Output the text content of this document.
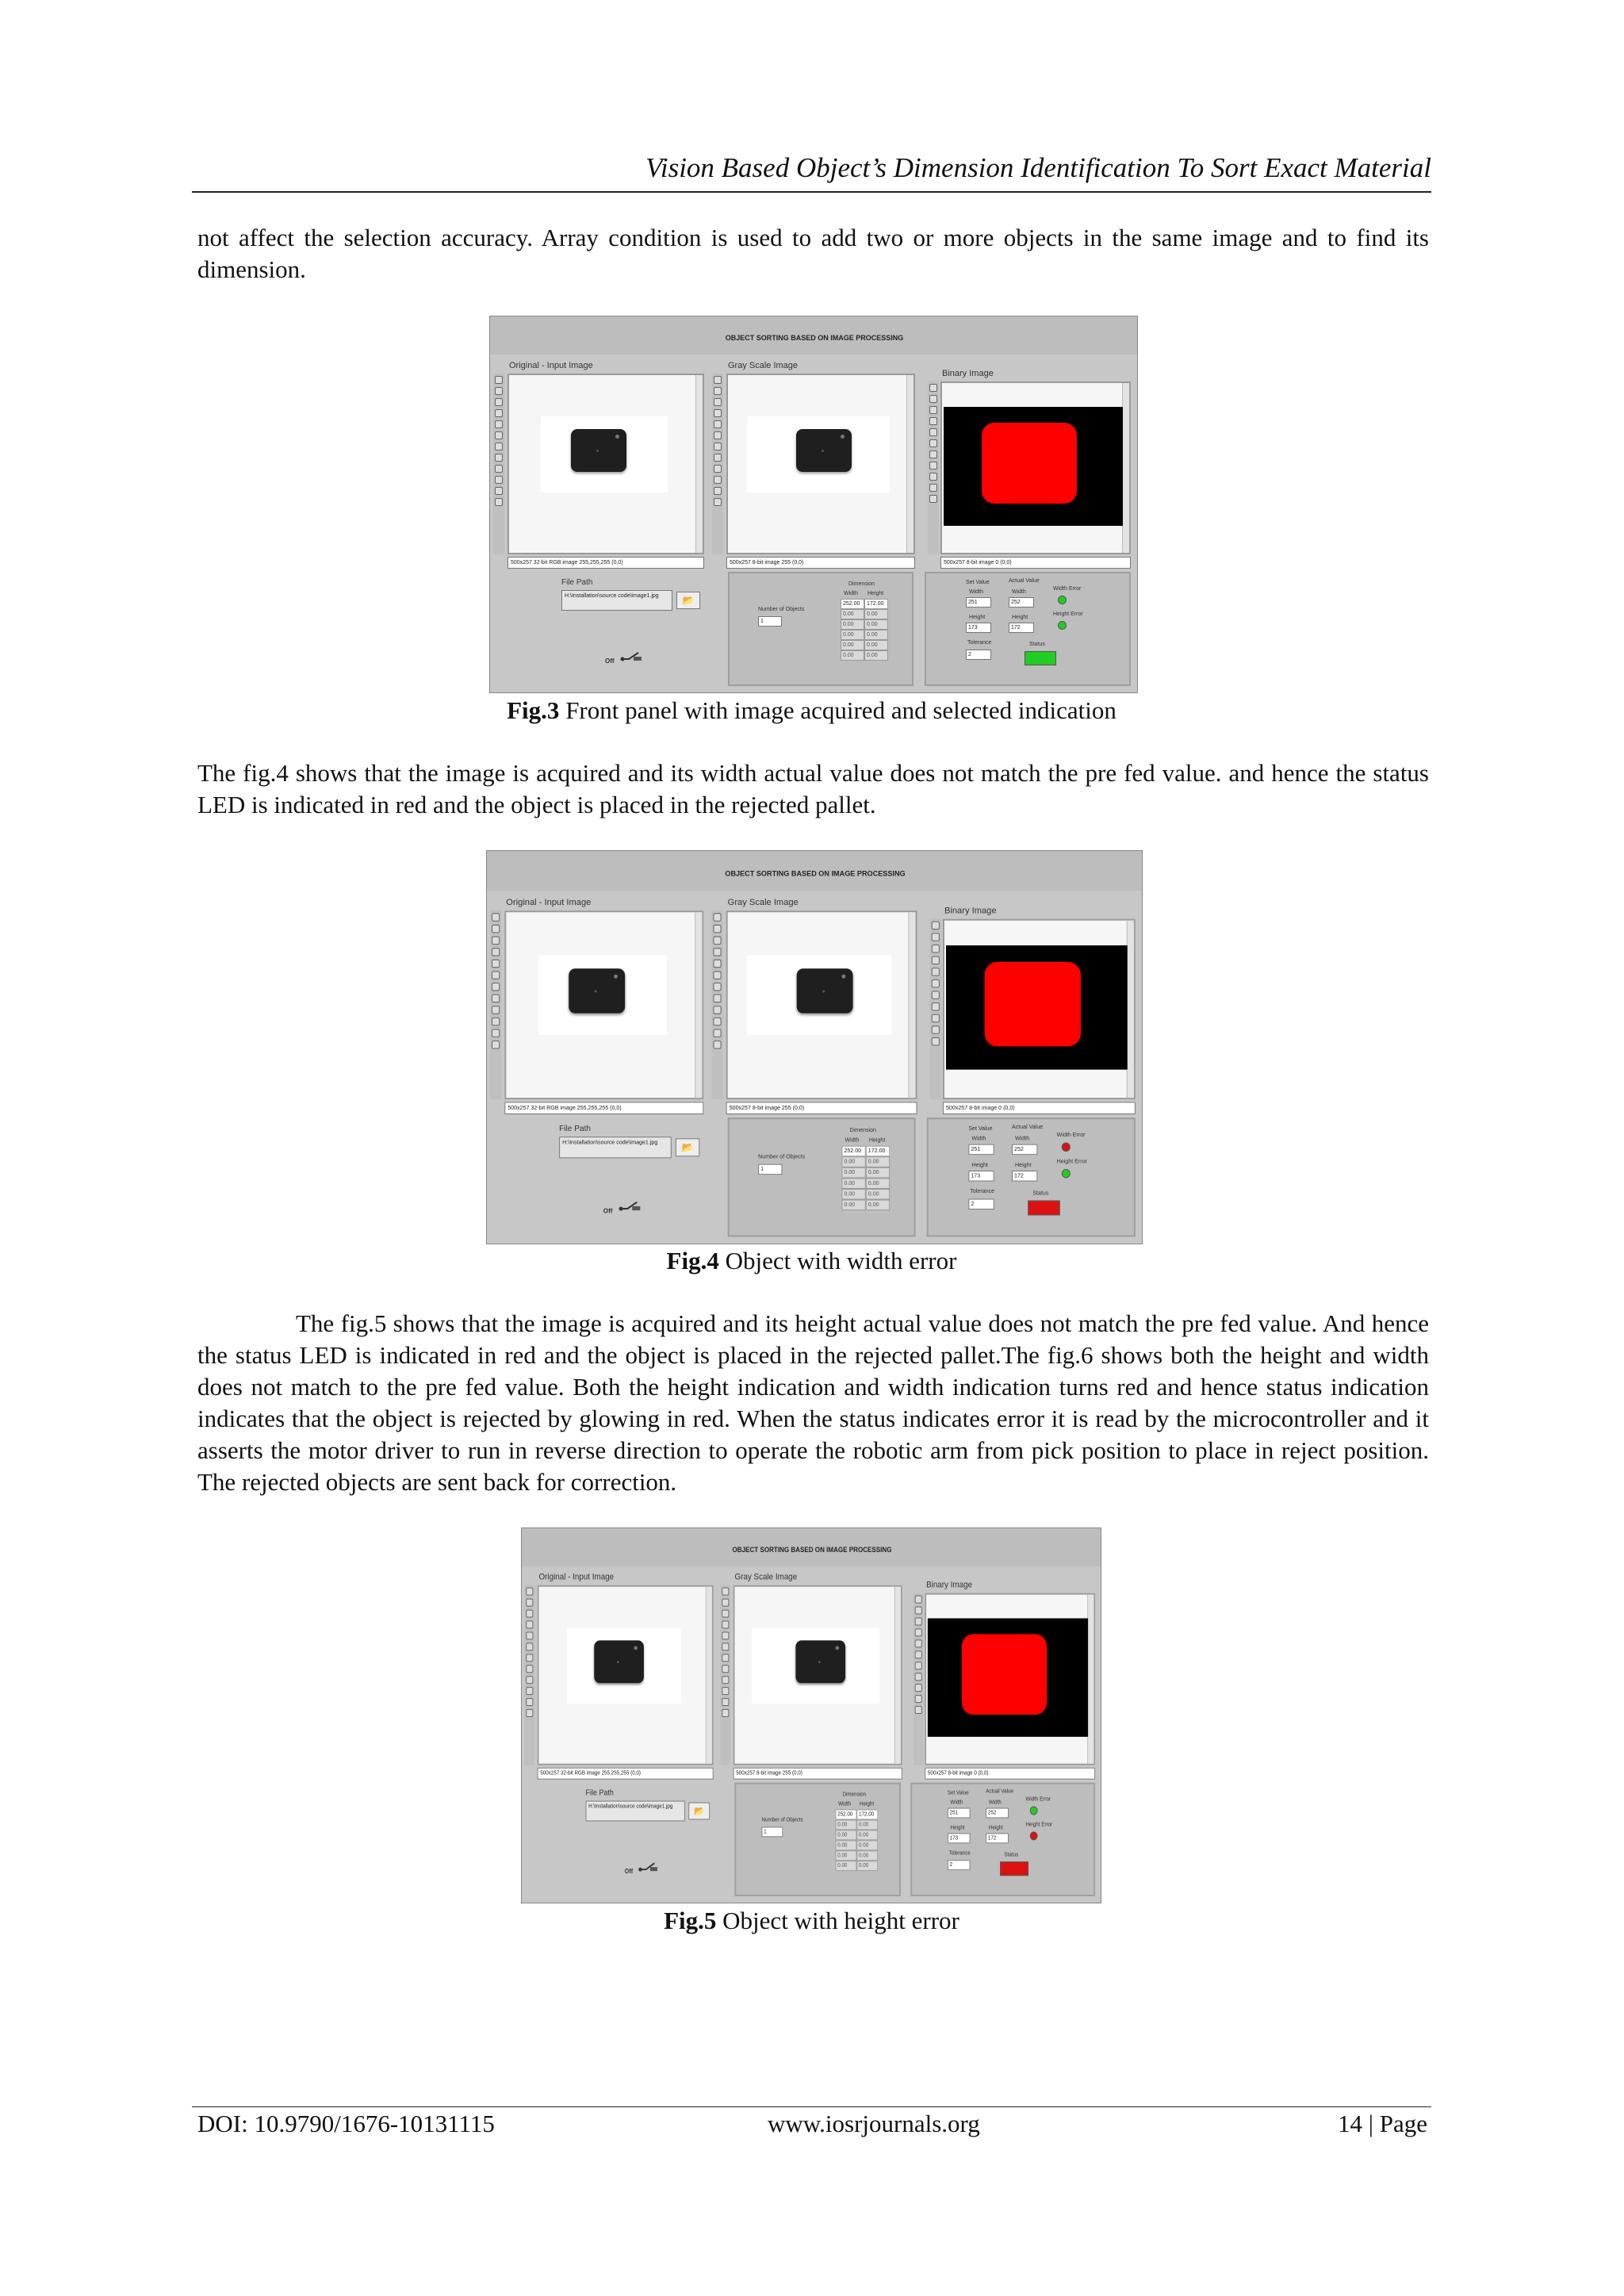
Vision Based Object’s Dimension Identification To Sort Exact Material
not affect the selection accuracy. Array condition is used to add two or more objects in the same image and to find its dimension.
OBJECT SORTING BASED ON IMAGE PROCESSING
Original - Input Image	Gray Scale Image
Binary Image
500x257 32-bit RGB image 255,255,255 (0,0)	500x257 8-bit image 255 (0,0)	500x257 8-bit image 0 (0,0)
File Path
H:\Installation\source code\image1.jpg	📂
Off
Dimension
Width Height
Number of Objects
1
252.00	172.00
0.00	0.00
0.00	0.00
0.00	0.00
0.00	0.00
0.00	0.00
Set Value	Actual Value
Width	Width
Width Error
251	252
Height	Height
Height Error
173	172
Tolerance
2
Status
Fig.3 Front panel with image acquired and selected indication
The fig.4 shows that the image is acquired and its width actual value does not match the pre fed value. and hence the status LED is indicated in red and the object is placed in the rejected pallet.
OBJECT SORTING BASED ON IMAGE PROCESSING
Original - Input Image	Gray Scale Image
Binary Image
500x257 32-bit RGB image 255,255,255 (0,0)	500x257 8-bit image 255 (0,0)	500x257 8-bit image 0 (0,0)
File Path
H:\Installation\source code\image1.jpg	📂
Off
Dimension
Width Height
Number of Objects
1
252.00	172.00
0.00	0.00
0.00	0.00
0.00	0.00
0.00	0.00
0.00	0.00
Set Value	Actual Value
Width	Width
Width Error
251	252
Height	Height
Height Error
173	172
Tolerance
2
Status
Fig.4 Object with width error
The fig.5 shows that the image is acquired and its height actual value does not match the pre fed value. And hence the status LED is indicated in red and the object is placed in the rejected pallet.The fig.6 shows both the height and width does not match to the pre fed value. Both the height indication and width indication turns red and hence status indication indicates that the object is rejected by glowing in red. When the status indicates error it is read by the microcontroller and it asserts the motor driver to run in reverse direction to operate the robotic arm from pick position to place in reject position. The rejected objects are sent back for correction.
OBJECT SORTING BASED ON IMAGE PROCESSING
Original - Input Image	Gray Scale Image
Binary Image
500x257 32-bit RGB image 255,255,255 (0,0)	500x257 8-bit image 255 (0,0)	500x257 8-bit image 0 (0,0)
File Path
H:\Installation\source code\image1.jpg	📂
Off
Dimension
Width Height
Number of Objects
1
252.00	172.00
0.00	0.00
0.00	0.00
0.00	0.00
0.00	0.00
0.00	0.00
Set Value	Actual Value
Width	Width
Width Error
251	252
Height	Height
Height Error
173	172
Tolerance
2
Status
Fig.5 Object with height error
DOI: 10.9790/1676-10131115	www.iosrjournals.org	14 | Page
